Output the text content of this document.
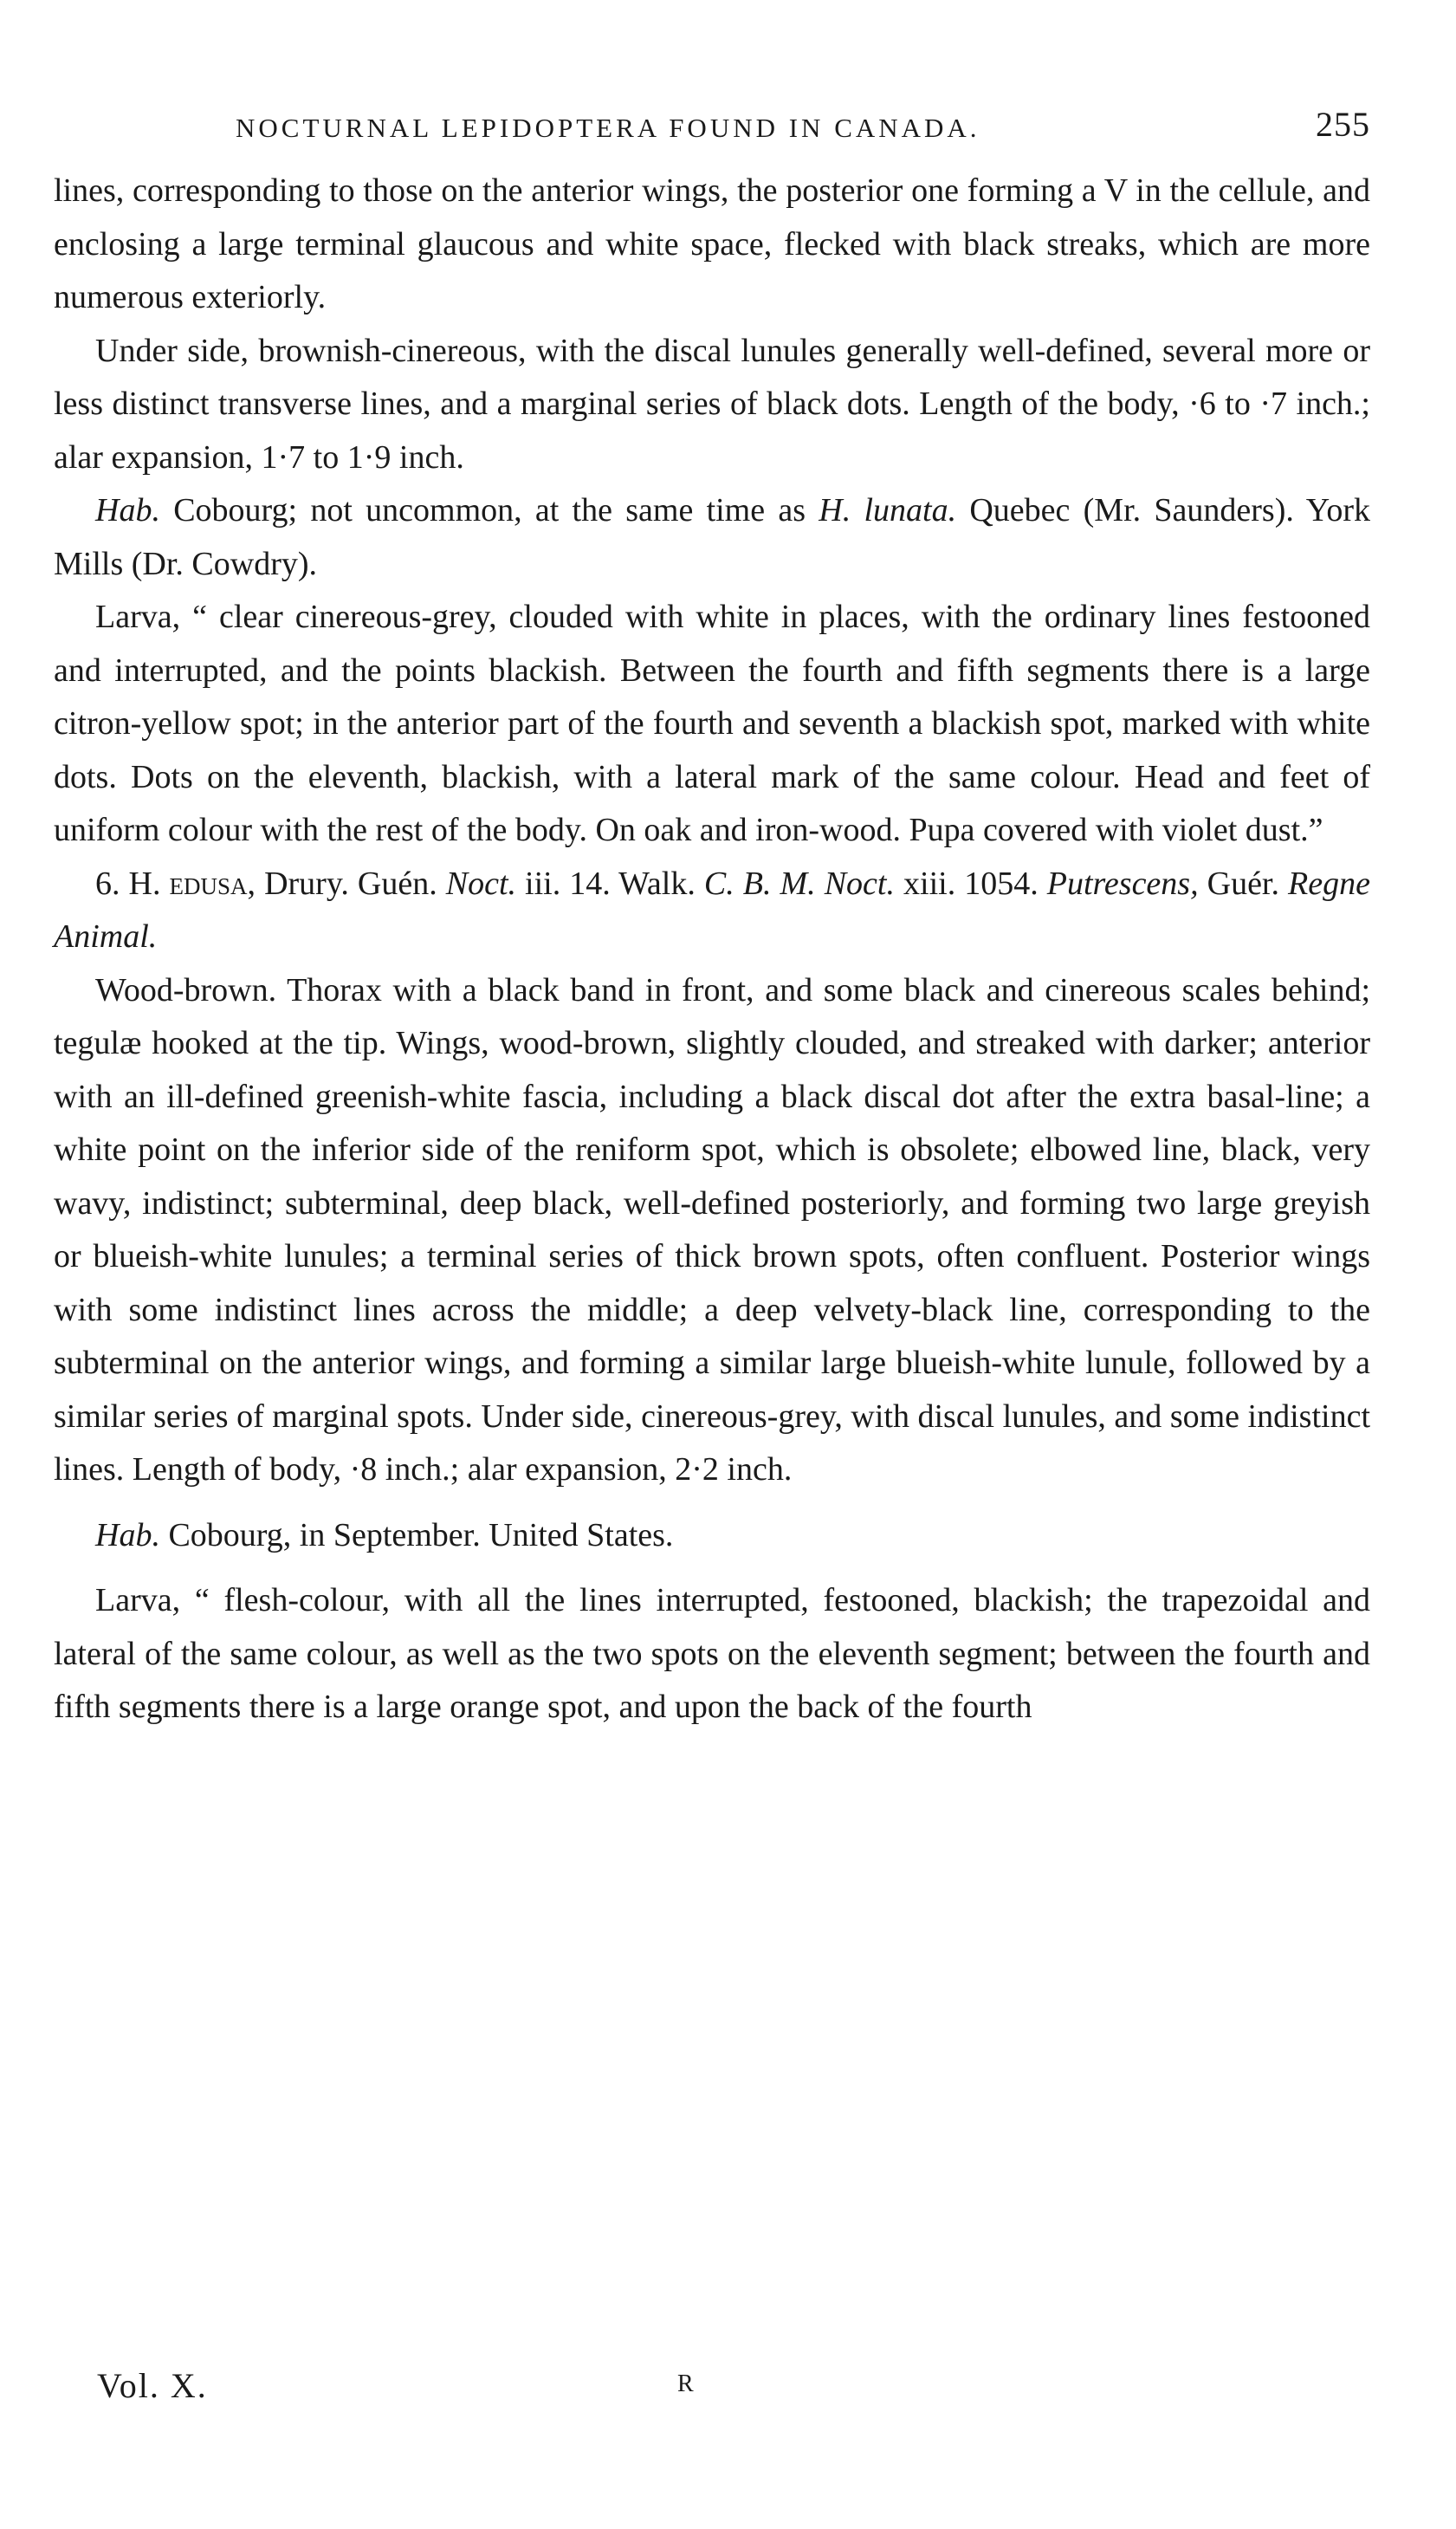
NOCTURNAL LEPIDOPTERA FOUND IN CANADA.	255

lines, corresponding to those on the anterior wings, the posterior one forming a V in the cellule, and enclosing a large terminal glaucous and white space, flecked with black streaks, which are more numerous exteriorly.

Under side, brownish-cinereous, with the discal lunules generally well-defined, several more or less distinct transverse lines, and a marginal series of black dots. Length of the body, ·6 to ·7 inch.; alar expansion, 1·7 to 1·9 inch.

Hab. Cobourg; not uncommon, at the same time as H. lunata. Quebec (Mr. Saunders). York Mills (Dr. Cowdry).

Larva, “ clear cinereous-grey, clouded with white in places, with the ordinary lines festooned and interrupted, and the points blackish. Between the fourth and fifth segments there is a large citron-yellow spot; in the anterior part of the fourth and seventh a blackish spot, marked with white dots. Dots on the eleventh, blackish, with a lateral mark of the same colour. Head and feet of uniform colour with the rest of the body. On oak and iron-wood. Pupa covered with violet dust.”

6. H. edusa, Drury. Guén. Noct. iii. 14. Walk. C. B. M. Noct. xiii. 1054. Putrescens, Guér. Regne Animal.

Wood-brown. Thorax with a black band in front, and some black and cinereous scales behind; tegulæ hooked at the tip. Wings, wood-brown, slightly clouded, and streaked with darker; anterior with an ill-defined greenish-white fascia, including a black discal dot after the extra basal-line; a white point on the inferior side of the reniform spot, which is obsolete; elbowed line, black, very wavy, indistinct; subterminal, deep black, well-defined posteriorly, and forming two large greyish or blueish-white lunules; a terminal series of thick brown spots, often confluent. Posterior wings with some indistinct lines across the middle; a deep velvety-black line, corresponding to the subterminal on the anterior wings, and forming a similar large blueish-white lunule, followed by a similar series of marginal spots. Under side, cinereous-grey, with discal lunules, and some indistinct lines. Length of body, ·8 inch.; alar expansion, 2·2 inch.

Hab. Cobourg, in September. United States.

Larva, “ flesh-colour, with all the lines interrupted, festooned, blackish; the trapezoidal and lateral of the same colour, as well as the two spots on the eleventh segment; between the fourth and fifth segments there is a large orange spot, and upon the back of the fourth

Vol. X.	R
